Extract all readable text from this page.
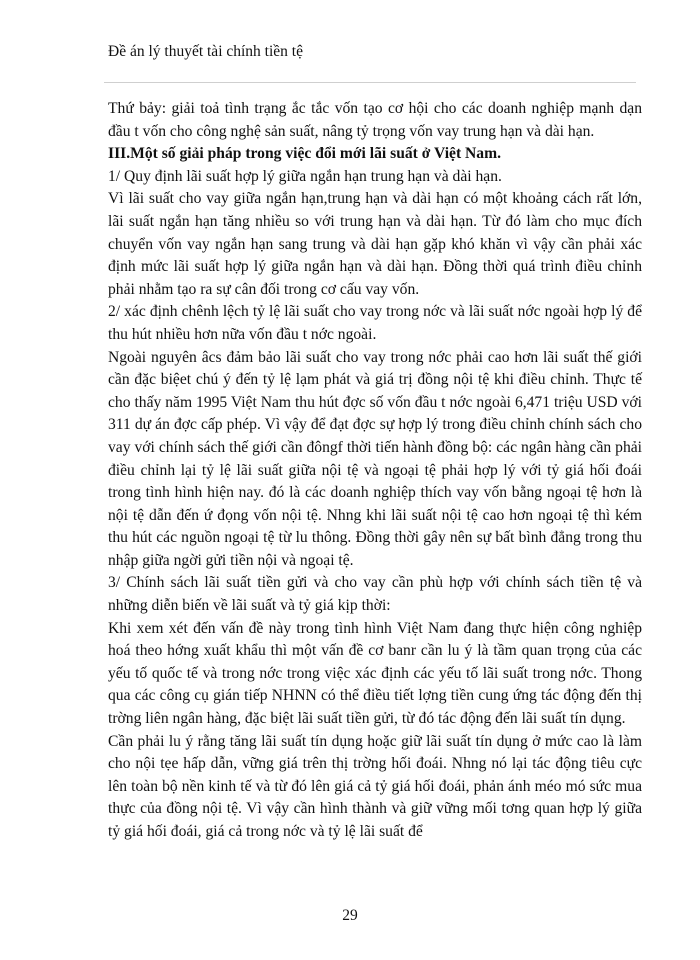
Đề án lý thuyết tài chính tiền tệ

Thứ bảy: giải toả tình trạng ắc tắc vốn tạo cơ hội cho các doanh nghiệp mạnh dạn đầu t vốn cho công nghệ sản suất, nâng tỷ trọng vốn vay trung hạn và dài hạn.

III.Một số giải pháp trong việc đổi mới lãi suất ở Việt Nam.

1/ Quy định lãi suất hợp lý giữa ngắn hạn trung hạn và dài hạn.

Vì lãi suất cho vay giữa ngắn hạn,trung hạn và dài hạn có một khoảng cách rất lớn, lãi suất ngắn hạn tăng nhiều so với trung hạn và dài hạn. Từ đó làm cho mục đích chuyển vốn vay ngắn hạn sang trung và dài hạn gặp khó khăn vì vậy cần phải xác định mức lãi suất hợp lý giữa ngắn hạn và dài hạn. Đồng thời quá trình điều chỉnh phải nhằm tạo ra sự cân đối trong cơ cấu vay vốn.

2/ xác định chênh lệch tỷ lệ lãi suất cho vay trong nớc và lãi suất nớc ngoài hợp lý để thu hút nhiều hơn nữa vốn đầu t nớc ngoài.

Ngoài nguyên âcs đảm bảo lãi suất cho vay trong nớc phải cao hơn lãi suất thế giới cần đặc biệet chú ý đến tỷ lệ lạm phát và giá trị đồng nội tệ khi điều chỉnh. Thực tế cho thấy năm 1995 Việt Nam thu hút đợc số vốn đầu t nớc ngoài 6,471 triệu USD với 311 dự án đợc cấp phép. Vì vậy để đạt đợc sự hợp lý trong điều chỉnh chính sách cho vay với chính sách thế giới cần đôngf thời tiến hành đồng bộ: các ngân hàng cần phải điều chỉnh lại tỷ lệ lãi suất giữa nội tệ và ngoại tệ phải hợp lý với tỷ giá hối đoái trong tình hình hiện nay. đó là các doanh nghiệp thích vay vốn bằng ngoại tệ hơn là nội tệ dẫn đến ứ đọng vốn nội tệ. Nhng khi lãi suất nội tệ cao hơn ngoại tệ thì kém thu hút các nguồn ngoại tệ từ lu thông. Đồng thời gây nên sự bất bình đẳng trong thu nhập giữa ngời gửi tiền nội và ngoại tệ.

3/ Chính sách lãi suất tiền gửi và cho vay cần phù hợp với chính sách tiền tệ và những diễn biến về lãi suất và tỷ giá kịp thời:

Khi xem xét đến vấn đề này trong tình hình Việt Nam đang thực hiện công nghiệp hoá theo hớng xuất khẩu thì một vấn đề cơ banr cần lu ý là tầm quan trọng của các yếu tố quốc tế và trong nớc trong việc xác định các yếu tố lãi suất trong nớc. Thong qua các công cụ gián tiếp NHNN có thể điều tiết lợng tiền cung ứng tác động đến thị trờng liên ngân hàng, đặc biệt lãi suất tiền gửi, từ đó tác động đến lãi suất tín dụng.

Cần phải lu ý rằng tăng lãi suất tín dụng hoặc giữ lãi suất tín dụng ở mức cao là làm cho nội tẹe hấp dẫn, vững giá trên thị trờng hối đoái. Nhng nó lại tác động tiêu cực lên toàn bộ nền kinh tế và từ đó lên giá cả tỷ giá hối đoái, phản ánh méo mó sức mua thực của đồng nội tệ. Vì vậy cần hình thành và giữ vững mối tơng quan hợp lý giữa tỷ giá hối đoái, giá cả trong nớc và tỷ lệ lãi suất để

29
